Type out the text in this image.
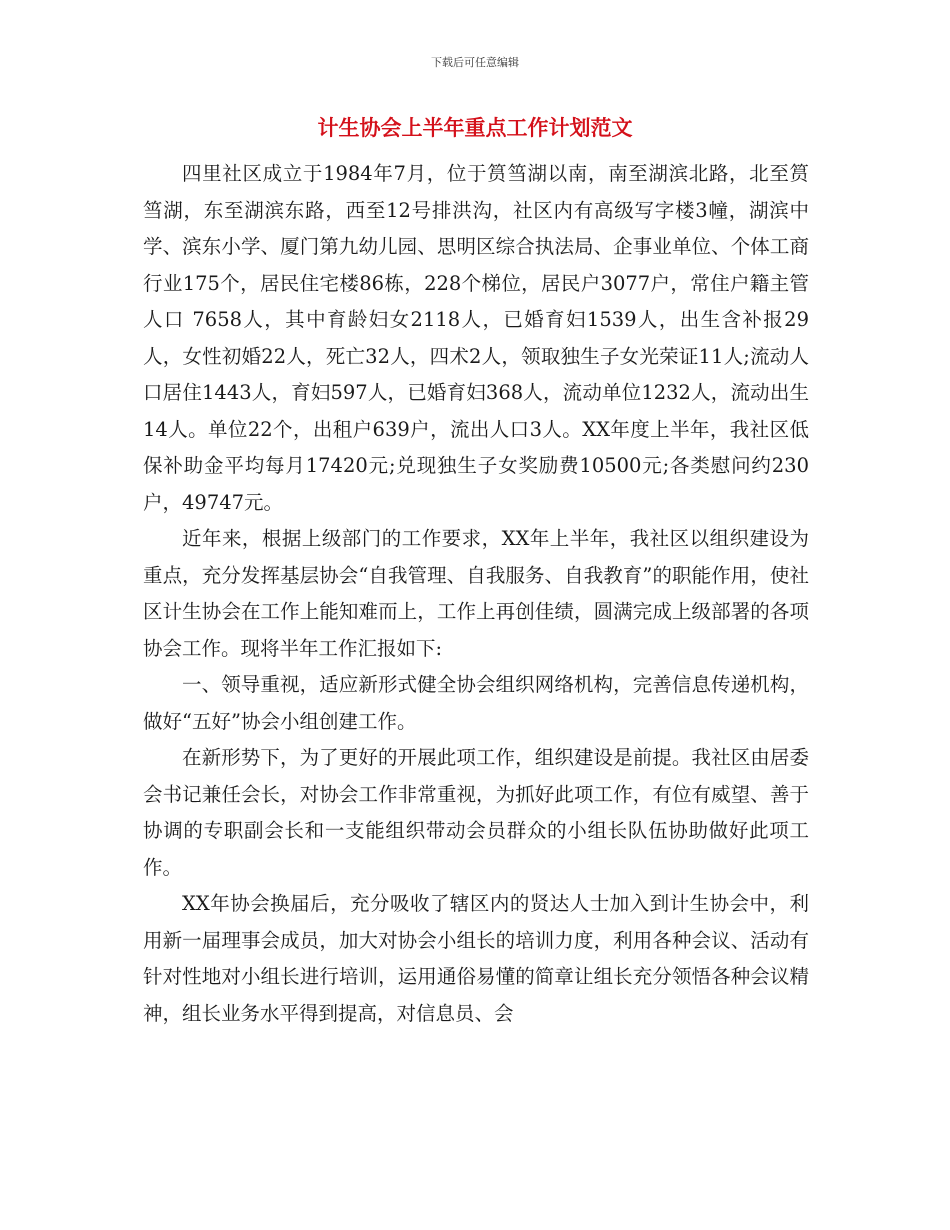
下载后可任意编辑
计生协会上半年重点工作计划范文

四里社区成立于1984年7月，位于筼筜湖以南，南至湖滨北路，北至筼筜湖，东至湖滨东路，西至12号排洪沟，社区内有高级写字楼3幢，湖滨中学、滨东小学、厦门第九幼儿园、思明区综合执法局、企事业单位、个体工商行业175个，居民住宅楼86栋，228个梯位，居民户3077户，常住户籍主管人口 7658人，其中育龄妇女2118人，已婚育妇1539人，出生含补报29人，女性初婚22人，死亡32人，四术2人，领取独生子女光荣证11人;流动人口居住1443人，育妇597人，已婚育妇368人，流动单位1232人，流动出生14人。单位22个，出租户639户，流出人口3人。XX年度上半年，我社区低保补助金平均每月17420元;兑现独生子女奖励费10500元;各类慰问约230户，49747元。

近年来，根据上级部门的工作要求，XX年上半年，我社区以组织建设为重点，充分发挥基层协会“自我管理、自我服务、自我教育”的职能作用，使社区计生协会在工作上能知难而上，工作上再创佳绩，圆满完成上级部署的各项协会工作。现将半年工作汇报如下:

一、领导重视，适应新形式健全协会组织网络机构，完善信息传递机构，做好“五好”协会小组创建工作。

在新形势下，为了更好的开展此项工作，组织建设是前提。我社区由居委会书记兼任会长，对协会工作非常重视，为抓好此项工作，有位有威望、善于协调的专职副会长和一支能组织带动会员群众的小组长队伍协助做好此项工作。

XX年协会换届后，充分吸收了辖区内的贤达人士加入到计生协会中，利用新一届理事会成员，加大对协会小组长的培训力度，利用各种会议、活动有针对性地对小组长进行培训，运用通俗易懂的简章让组长充分领悟各种会议精神，组长业务水平得到提高，对信息员、会
